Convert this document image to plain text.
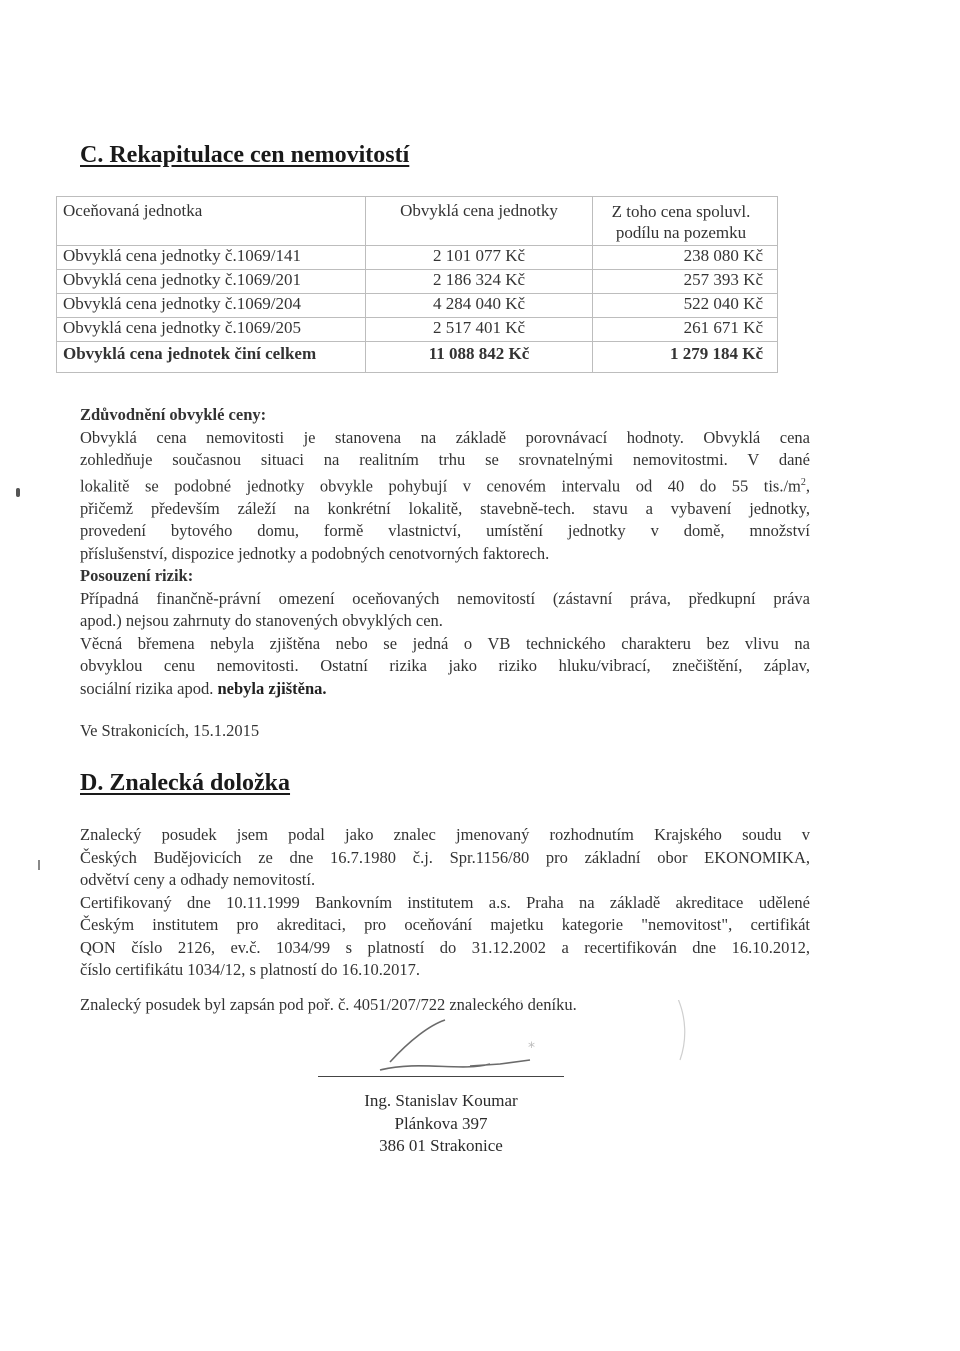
C. Rekapitulace cen nemovitostí
Oceňovaná jednotka	Obvyklá cena jednotky	Z toho cena spoluvl.
podílu na pozemku

Obvyklá cena jednotky č.1069/141	2 101 077 Kč	238 080 Kč
Obvyklá cena jednotky č.1069/201	2 186 324 Kč	257 393 Kč
Obvyklá cena jednotky č.1069/204	4 284 040 Kč	522 040 Kč
Obvyklá cena jednotky č.1069/205	2 517 401 Kč	261 671 Kč
Obvyklá cena jednotek činí celkem	11 088 842 Kč	1 279 184 Kč
Zdůvodnění obvyklé ceny:
Obvyklá cena nemovitosti je stanovena na základě porovnávací hodnoty. Obvyklá cena
zohledňuje současnou situaci na realitním trhu se srovnatelnými nemovitostmi. V dané
lokalitě se podobné jednotky obvykle pohybují v cenovém intervalu od 40 do 55 $tis./m^2$,
přičemž především záleží na konkrétní lokalitě, stavebně-tech. stavu a vybavení jednotky,
provedení bytového domu, formě vlastnictví, umístění jednotky v domě, množství
příslušenství, dispozice jednotky a podobných cenotvorných faktorech.
Posouzení rizik:
Případná finančně-právní omezení oceňovaných nemovitostí (zástavní práva, předkupní práva
apod.) nejsou zahrnuty do stanovených obvyklých cen.
Věcná břemena nebyla zjištěna nebo se jedná o VB technického charakteru bez vlivu na
obvyklou cenu nemovitosti. Ostatní rizika jako riziko hluku/vibrací, znečištění, záplav,
sociální rizika apod. nebyla zjištěna.
Ve Strakonicích, 15.1.2015
D. Znalecká doložka
Znalecký posudek jsem podal jako znalec jmenovaný rozhodnutím Krajského soudu v
Českých Budějovicích ze dne 16.7.1980 č.j. Spr.1156/80 pro základní obor EKONOMIKA,
odvětví ceny a odhady nemovitostí.
Certifikovaný dne 10.11.1999 Bankovním institutem a.s. Praha na základě akreditace udělené
Českým institutem pro akreditaci, pro oceňování majetku kategorie "nemovitost", certifikát
QON číslo 2126, ev.č. 1034/99 s platností do 31.12.2002 a recertifikován dne 16.10.2012,
číslo certifikátu 1034/12, s platností do 16.10.2017.
Znalecký posudek byl zapsán pod poř. č. 4051/207/722 znaleckého deníku.
*
Ing. Stanislav Koumar
Plánkova 397
386 01 Strakonice
